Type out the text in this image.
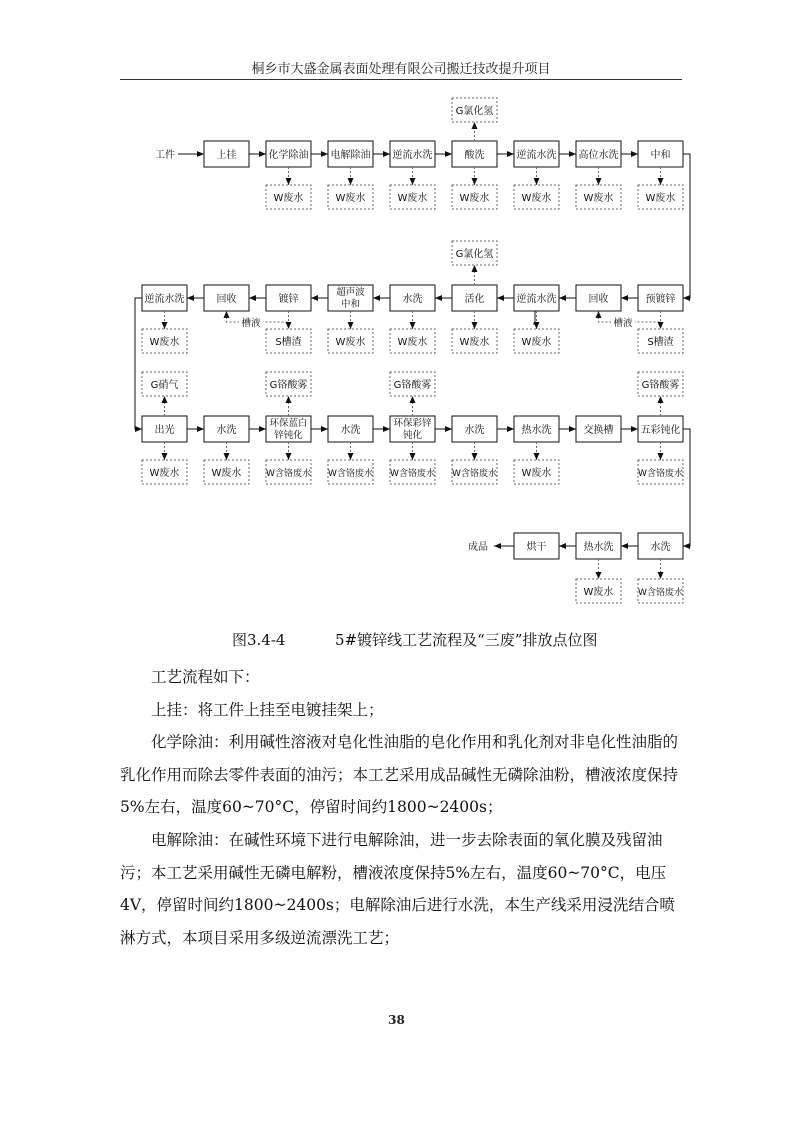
桐乡市大盛金属表面处理有限公司搬迁技改提升项目
工件	上挂	化学除油 电解除油 逆流水洗	酸洗	逆流水洗 高位水洗	中和
G氯化氢
W废水	W废水	W废水	W废水	W废水	W废水	W废水
预镀锌
回收
逆流水洗
活化
水洗
超声波
中和
镀锌
回收
逆流水洗
G氯化氢
槽液
槽液
W废水	S槽渣	W废水	W废水	W废水	W废水	S槽渣
出光	水洗
环保蓝白
锌钝化	水洗
环保彩锌
钝化	水洗	热水洗	交换槽	五彩钝化
G硝气	G铬酸雾	G铬酸雾	G铬酸雾
W废水	W废水	W含铬废水 W含铬废水 W含铬废水 W含铬废水 W废水	W含铬废水
水洗
热水洗
烘干
成品
W废水	W含铬废水
图3.4-4	5#镀锌线工艺流程及“三废”排放点位图

工艺流程如下：

上挂：将工件上挂至电镀挂架上；

化学除油：利用碱性溶液对皂化性油脂的皂化作用和乳化剂对非皂化性油脂的乳化作用而除去零件表面的油污；本工艺采用成品碱性无磷除油粉，槽液浓度保持5%左右，温度60~70°C，停留时间约1800~2400s；

电解除油：在碱性环境下进行电解除油，进一步去除表面的氧化膜及残留油污；本工艺采用碱性无磷电解粉，槽液浓度保持5%左右，温度60~70°C，电压4V，停留时间约1800~2400s；电解除油后进行水洗，本生产线采用浸洗结合喷淋方式，本项目采用多级逆流漂洗工艺；

38
